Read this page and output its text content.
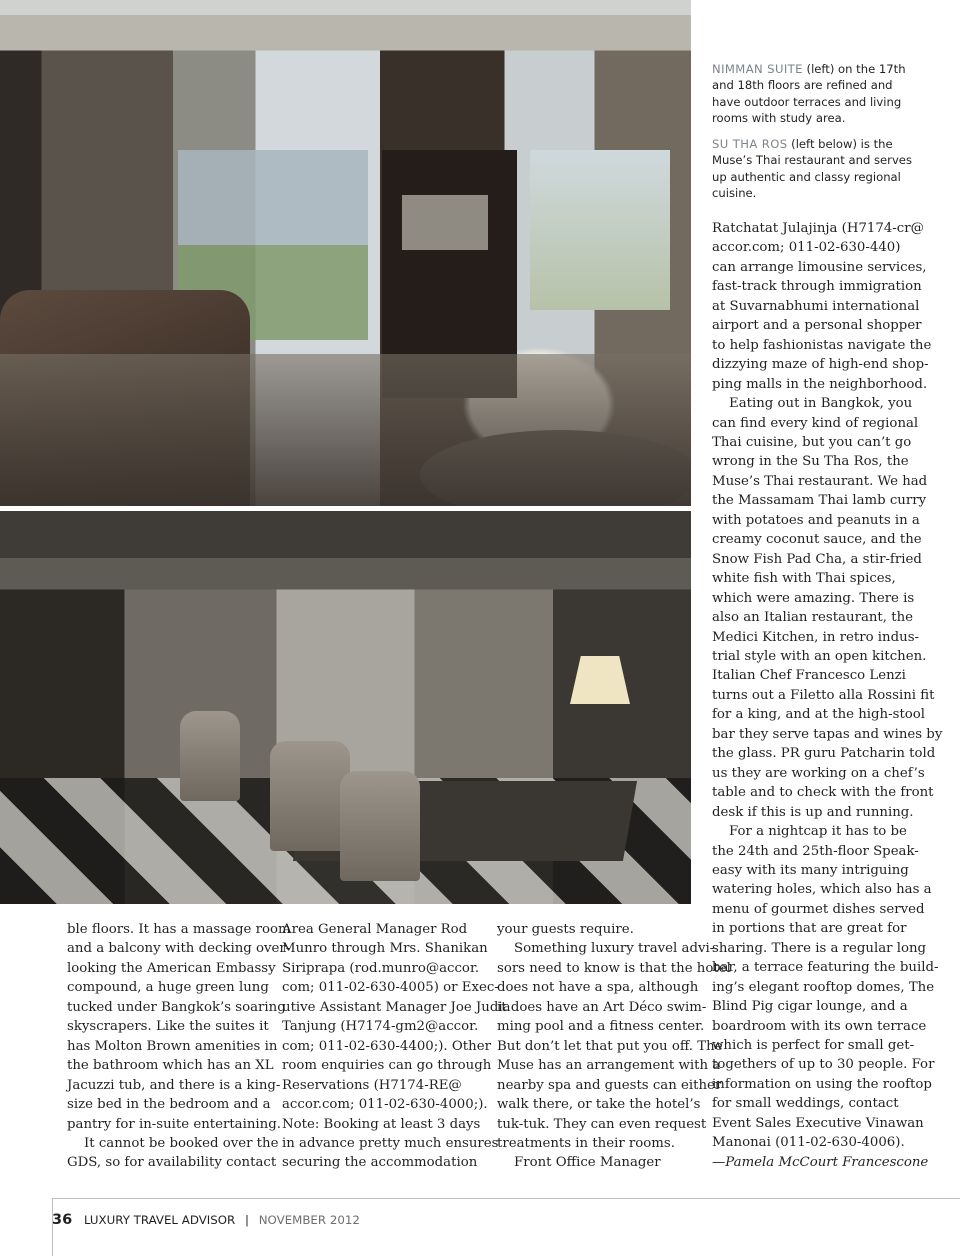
NIMMAN SUITE (left) on the 17th and 18th floors are refined and have outdoor terraces and living rooms with study area.

SU THA ROS (left below) is the Muse’s Thai restaurant and serves up authentic and classy regional cuisine.

ble floors. It has a massage room
and a balcony with decking over-
looking the American Embassy
compound, a huge green lung
tucked under Bangkok’s soaring
skyscrapers. Like the suites it
has Molton Brown amenities in
the bathroom which has an XL
Jacuzzi tub, and there is a king-
size bed in the bedroom and a
pantry for in-suite entertaining.
It cannot be booked over the
GDS, so for availability contact
Area General Manager Rod
Munro through Mrs. Shanikan
Siriprapa (rod.munro@accor.
com; 011-02-630-4005) or Exec-
utive Assistant Manager Joe Judia
Tanjung (H7174-gm2@accor.
com; 011-02-630-4400;). Other
room enquiries can go through
Reservations (H7174-RE@
accor.com; 011-02-630-4000;).
Note: Booking at least 3 days
in advance pretty much ensures
securing the accommodation
your guests require.
Something luxury travel advi-
sors need to know is that the hotel
does not have a spa, although
it does have an Art Déco swim-
ming pool and a fitness center.
But don’t let that put you off. The
Muse has an arrangement with a
nearby spa and guests can either
walk there, or take the hotel’s
tuk-tuk. They can even request
treatments in their rooms.
Front Office Manager
Ratchatat Julajinja (H7174-cr@
accor.com; 011-02-630-440)
can arrange limousine services,
fast-track through immigration
at Suvarnabhumi international
airport and a personal shopper
to help fashionistas navigate the
dizzying maze of high-end shop-
ping malls in the neighborhood.
Eating out in Bangkok, you
can find every kind of regional
Thai cuisine, but you can’t go
wrong in the Su Tha Ros, the
Muse’s Thai restaurant. We had
the Massamam Thai lamb curry
with potatoes and peanuts in a
creamy coconut sauce, and the
Snow Fish Pad Cha, a stir-fried
white fish with Thai spices,
which were amazing. There is
also an Italian restaurant, the
Medici Kitchen, in retro indus-
trial style with an open kitchen.
Italian Chef Francesco Lenzi
turns out a Filetto alla Rossini fit
for a king, and at the high-stool
bar they serve tapas and wines by
the glass. PR guru Patcharin told
us they are working on a chef’s
table and to check with the front
desk if this is up and running.
For a nightcap it has to be
the 24th and 25th-floor Speak-
easy with its many intriguing
watering holes, which also has a
menu of gourmet dishes served
in portions that are great for
sharing. There is a regular long
bar, a terrace featuring the build-
ing’s elegant rooftop domes, The
Blind Pig cigar lounge, and a
boardroom with its own terrace
which is perfect for small get-
togethers of up to 30 people. For
information on using the rooftop
for small weddings, contact
Event Sales Executive Vinawan
Manonai (011-02-630-4006).
—Pamela McCourt Francescone
36 LUXURY TRAVEL ADVISOR | NOVEMBER 2012
